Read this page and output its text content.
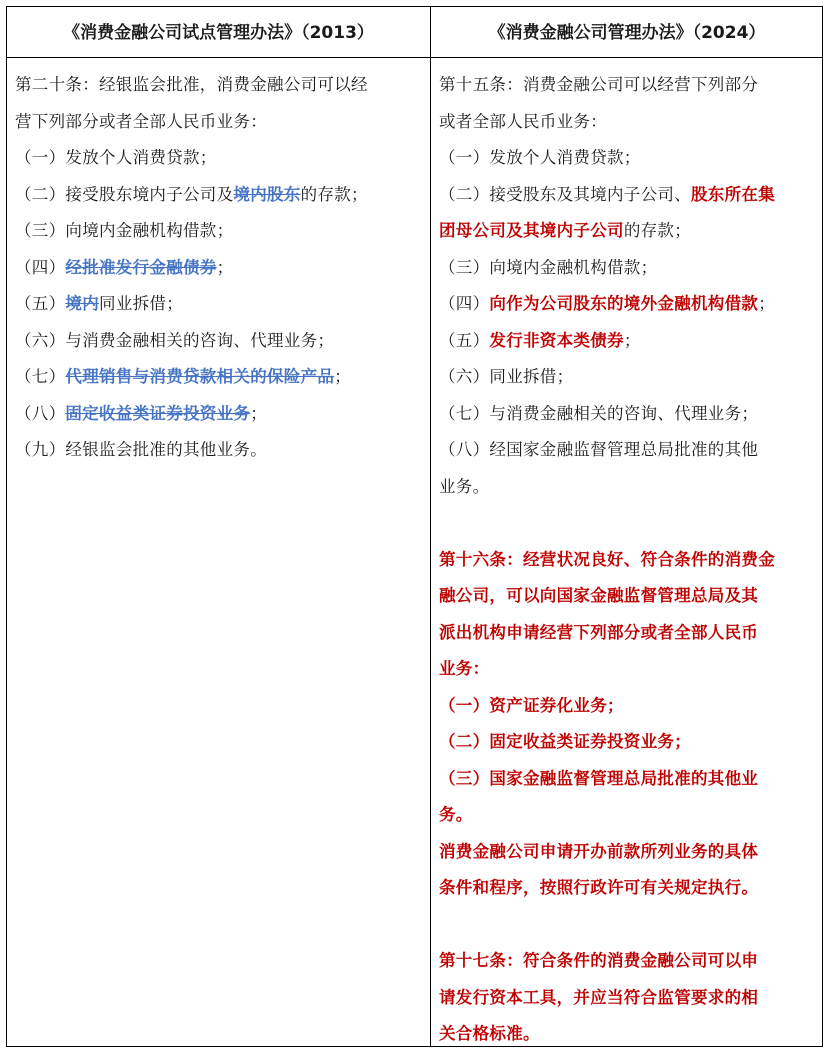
《消费金融公司试点管理办法》（2013）	《消费金融公司管理办法》（2024）
第二十条：经银监会批准，消费金融公司可以经
营下列部分或者全部人民币业务：
（一）发放个人消费贷款；
（二）接受股东境内子公司及境内股东的存款；
（三）向境内金融机构借款；
（四）经批准发行金融债券；
（五）境内同业拆借；
（六）与消费金融相关的咨询、代理业务；
（七）代理销售与消费贷款相关的保险产品；
（八）固定收益类证券投资业务；
（九）经银监会批准的其他业务。
第十五条：消费金融公司可以经营下列部分
或者全部人民币业务：
（一）发放个人消费贷款；
（二）接受股东及其境内子公司、股东所在集
团母公司及其境内子公司的存款；
（三）向境内金融机构借款；
（四）向作为公司股东的境外金融机构借款；
（五）发行非资本类债券；
（六）同业拆借；
（七）与消费金融相关的咨询、代理业务；
（八）经国家金融监督管理总局批准的其他
业务。
第十六条：经营状况良好、符合条件的消费金
融公司，可以向国家金融监督管理总局及其
派出机构申请经营下列部分或者全部人民币
业务：
（一）资产证券化业务；
（二）固定收益类证券投资业务；
（三）国家金融监督管理总局批准的其他业
务。
消费金融公司申请开办前款所列业务的具体
条件和程序，按照行政许可有关规定执行。
第十七条：符合条件的消费金融公司可以申
请发行资本工具，并应当符合监管要求的相
关合格标准。
